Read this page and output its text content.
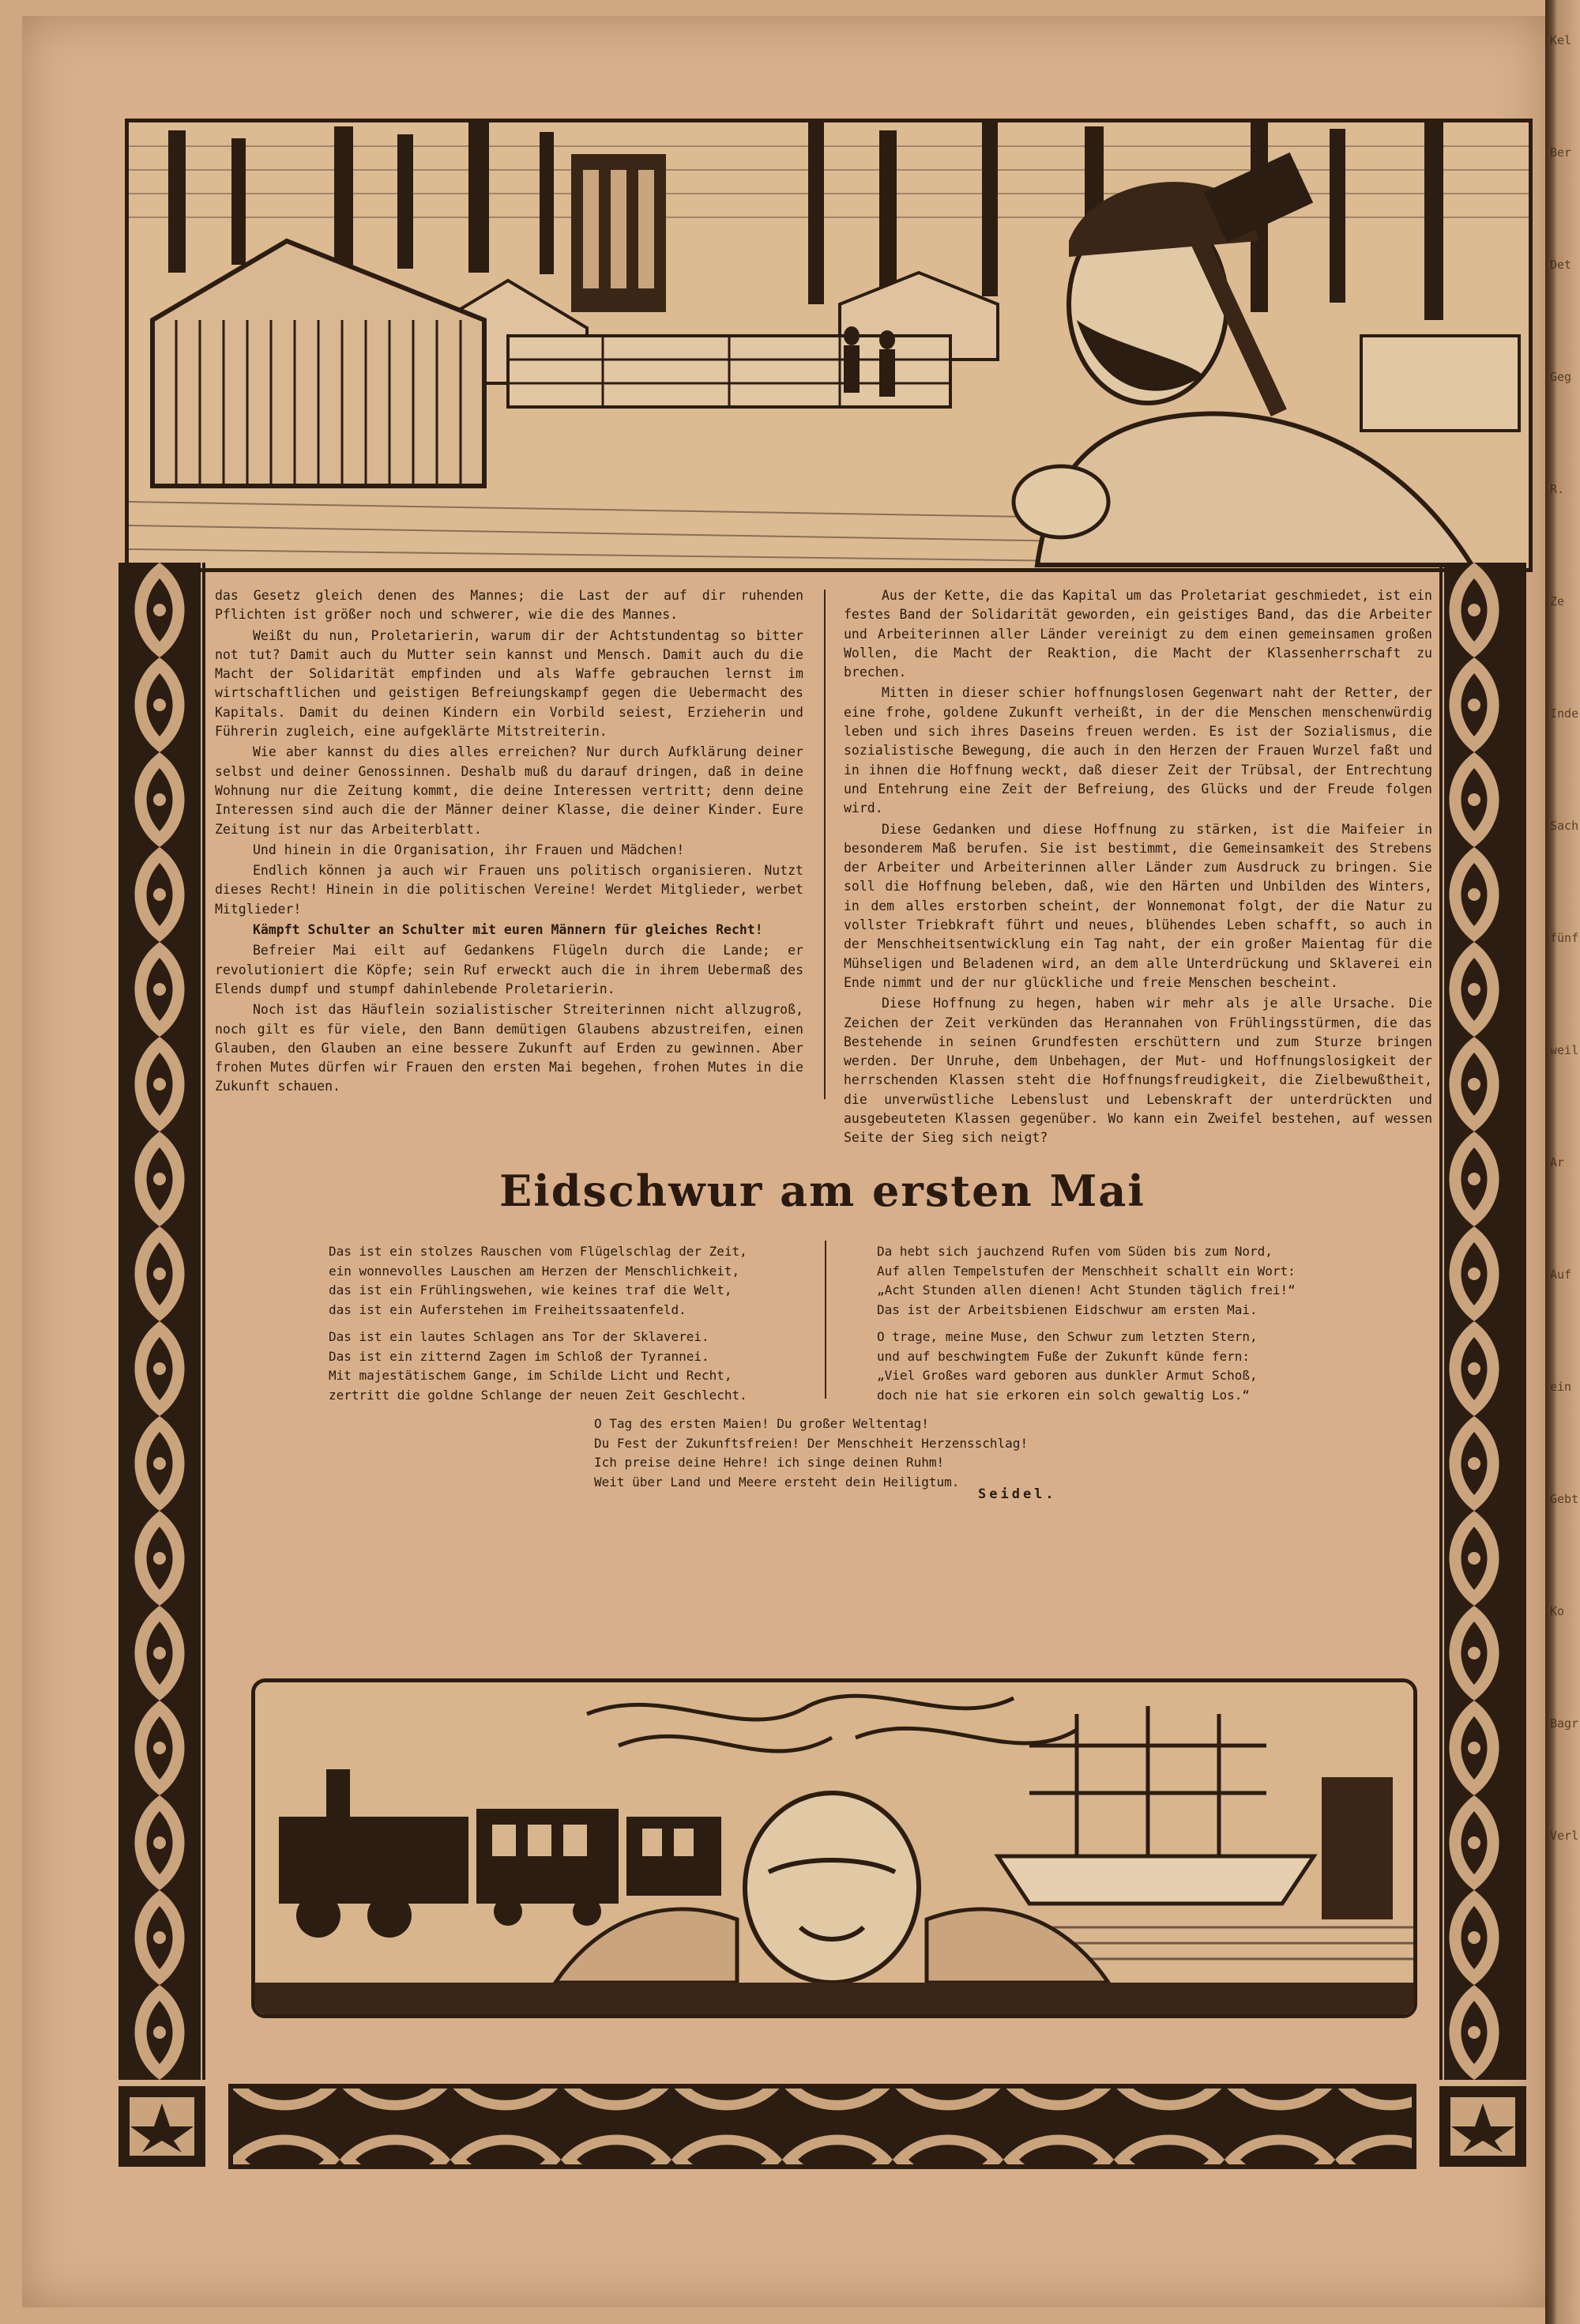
Kel
Ber
Det
Geg
R.
Ze
Inde
Sach
fünf
weil
Ar
Auf
ein
Gebt
Ko
Bagr
Verl

das Gesetz gleich denen des Mannes; die Last der auf dir ruhenden Pflichten ist größer noch und schwerer, wie die des Mannes.

Weißt du nun, Proletarierin, warum dir der Achtstundentag so bitter not tut? Damit auch du Mutter sein kannst und Mensch. Damit auch du die Macht der Solidarität empfinden und als Waffe gebrauchen lernst im wirtschaftlichen und geistigen Befreiungskampf gegen die Uebermacht des Kapitals. Damit du deinen Kindern ein Vorbild seiest, Erzieherin und Führerin zugleich, eine aufgeklärte Mitstreiterin.

Wie aber kannst du dies alles erreichen? Nur durch Aufklärung deiner selbst und deiner Genossinnen. Deshalb muß du darauf dringen, daß in deine Wohnung nur die Zeitung kommt, die deine Interessen vertritt; denn deine Interessen sind auch die der Männer deiner Klasse, die deiner Kinder. Eure Zeitung ist nur das Arbeiterblatt.

Und hinein in die Organisation, ihr Frauen und Mädchen!

Endlich können ja auch wir Frauen uns politisch organisieren. Nutzt dieses Recht! Hinein in die politischen Vereine! Werdet Mitglieder, werbet Mitglieder!

Kämpft Schulter an Schulter mit euren Männern für gleiches Recht!

Befreier Mai eilt auf Gedankens Flügeln durch die Lande; er revolutioniert die Köpfe; sein Ruf erweckt auch die in ihrem Uebermaß des Elends dumpf und stumpf dahinlebende Proletarierin.

Noch ist das Häuflein sozialistischer Streiterinnen nicht allzugroß, noch gilt es für viele, den Bann demütigen Glaubens abzustreifen, einen Glauben, den Glauben an eine bessere Zukunft auf Erden zu gewinnen. Aber frohen Mutes dürfen wir Frauen den ersten Mai begehen, frohen Mutes in die Zukunft schauen.

Aus der Kette, die das Kapital um das Proletariat geschmiedet, ist ein festes Band der Solidarität geworden, ein geistiges Band, das die Arbeiter und Arbeiterinnen aller Länder vereinigt zu dem einen gemeinsamen großen Wollen, die Macht der Reaktion, die Macht der Klassenherrschaft zu brechen.

Mitten in dieser schier hoffnungslosen Gegenwart naht der Retter, der eine frohe, goldene Zukunft verheißt, in der die Menschen menschenwürdig leben und sich ihres Daseins freuen werden. Es ist der Sozialismus, die sozialistische Bewegung, die auch in den Herzen der Frauen Wurzel faßt und in ihnen die Hoffnung weckt, daß dieser Zeit der Trübsal, der Entrechtung und Entehrung eine Zeit der Befreiung, des Glücks und der Freude folgen wird.

Diese Gedanken und diese Hoffnung zu stärken, ist die Maifeier in besonderem Maß berufen. Sie ist bestimmt, die Gemeinsamkeit des Strebens der Arbeiter und Arbeiterinnen aller Länder zum Ausdruck zu bringen. Sie soll die Hoffnung beleben, daß, wie den Härten und Unbilden des Winters, in dem alles erstorben scheint, der Wonnemonat folgt, der die Natur zu vollster Triebkraft führt und neues, blühendes Leben schafft, so auch in der Menschheitsentwicklung ein Tag naht, der ein großer Maientag für die Mühseligen und Beladenen wird, an dem alle Unterdrückung und Sklaverei ein Ende nimmt und der nur glückliche und freie Menschen bescheint.

Diese Hoffnung zu hegen, haben wir mehr als je alle Ursache. Die Zeichen der Zeit verkünden das Herannahen von Frühlingsstürmen, die das Bestehende in seinen Grundfesten erschüttern und zum Sturze bringen werden. Der Unruhe, dem Unbehagen, der Mut- und Hoffnungslosigkeit der herrschenden Klassen steht die Hoffnungsfreudigkeit, die Zielbewußtheit, die unverwüstliche Lebenslust und Lebenskraft der unterdrückten und ausgebeuteten Klassen gegenüber. Wo kann ein Zweifel bestehen, auf wessen Seite der Sieg sich neigt?

Eidschwur am ersten Mai
Das ist ein stolzes Rauschen vom Flügelschlag der Zeit,
ein wonnevolles Lauschen am Herzen der Menschlichkeit,
das ist ein Frühlingswehen, wie keines traf die Welt,
das ist ein Auferstehen im Freiheitssaatenfeld.
Das ist ein lautes Schlagen ans Tor der Sklaverei.
Das ist ein zitternd Zagen im Schloß der Tyrannei.
Mit majestätischem Gange, im Schilde Licht und Recht,
zertritt die goldne Schlange der neuen Zeit Geschlecht.
Da hebt sich jauchzend Rufen vom Süden bis zum Nord,
Auf allen Tempelstufen der Menschheit schallt ein Wort:
„Acht Stunden allen dienen! Acht Stunden täglich frei!“
Das ist der Arbeitsbienen Eidschwur am ersten Mai.
O trage, meine Muse, den Schwur zum letzten Stern,
und auf beschwingtem Fuße der Zukunft künde fern:
„Viel Großes ward geboren aus dunkler Armut Schoß,
doch nie hat sie erkoren ein solch gewaltig Los.“
O Tag des ersten Maien! Du großer Weltentag!
Du Fest der Zukunftsfreien! Der Menschheit Herzensschlag!
Ich preise deine Hehre! ich singe deinen Ruhm!
Weit über Land und Meere ersteht dein Heiligtum.
Seidel.
